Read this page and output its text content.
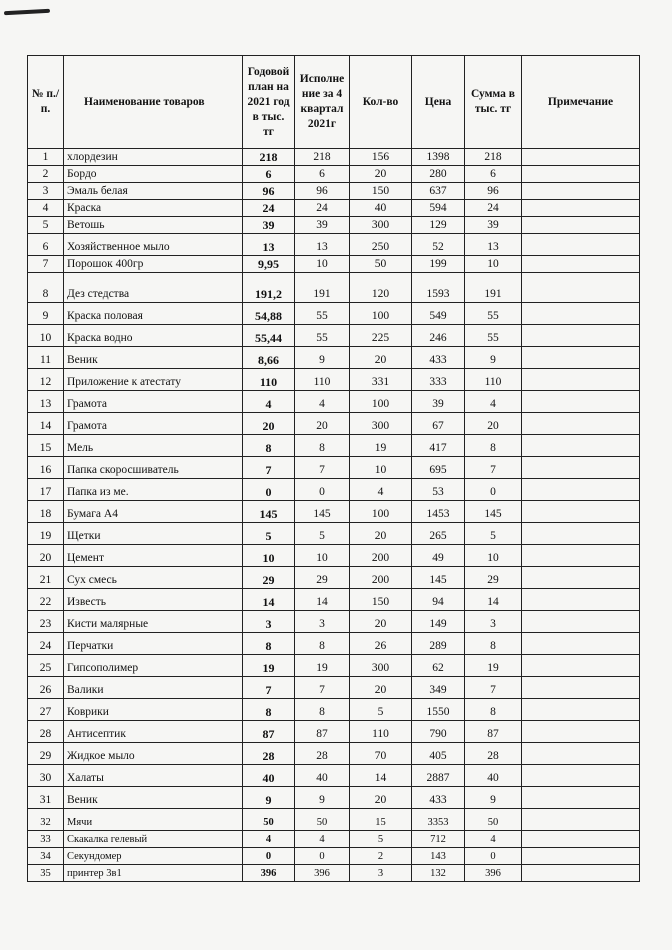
№ п./п.	Наименование товаров	Годовой план на 2021 год в тыс. тг	Исполне ние за 4 квартал 2021г	Кол-во	Цена	Сумма в тыс. тг	Примечание
1	хлордезин	218	218	156	1398	218	
2	Бордо	6	6	20	280	6	
3	Эмаль белая	96	96	150	637	96	
4	Краска	24	24	40	594	24	
5	Ветошь	39	39	300	129	39	
6	Хозяйственное мыло	13	13	250	52	13	
7	Порошок 400гр	9,95	10	50	199	10	
8	Дез стедства	191,2	191	120	1593	191	
9	Краска половая	54,88	55	100	549	55	
10	Краска водно	55,44	55	225	246	55	
11	Веник	8,66	9	20	433	9	
12	Приложение к атестату	110	110	331	333	110	
13	Грамота	4	4	100	39	4	
14	Грамота	20	20	300	67	20	
15	Мель	8	8	19	417	8	
16	Папка скоросшиватель	7	7	10	695	7	
17	Папка из ме.	0	0	4	53	0	
18	Бумага А4	145	145	100	1453	145	
19	Щетки	5	5	20	265	5	
20	Цемент	10	10	200	49	10	
21	Сух смесь	29	29	200	145	29	
22	Известь	14	14	150	94	14	
23	Кисти малярные	3	3	20	149	3	
24	Перчатки	8	8	26	289	8	
25	Гипсополимер	19	19	300	62	19	
26	Валики	7	7	20	349	7	
27	Коврики	8	8	5	1550	8	
28	Антисептик	87	87	110	790	87	
29	Жидкое мыло	28	28	70	405	28	
30	Халаты	40	40	14	2887	40	
31	Веник	9	9	20	433	9	
32	Мячи	50	50	15	3353	50	
33	Скакалка гелевый	4	4	5	712	4	
34	Секундомер	0	0	2	143	0	
35	принтер 3в1	396	396	3	132	396	
